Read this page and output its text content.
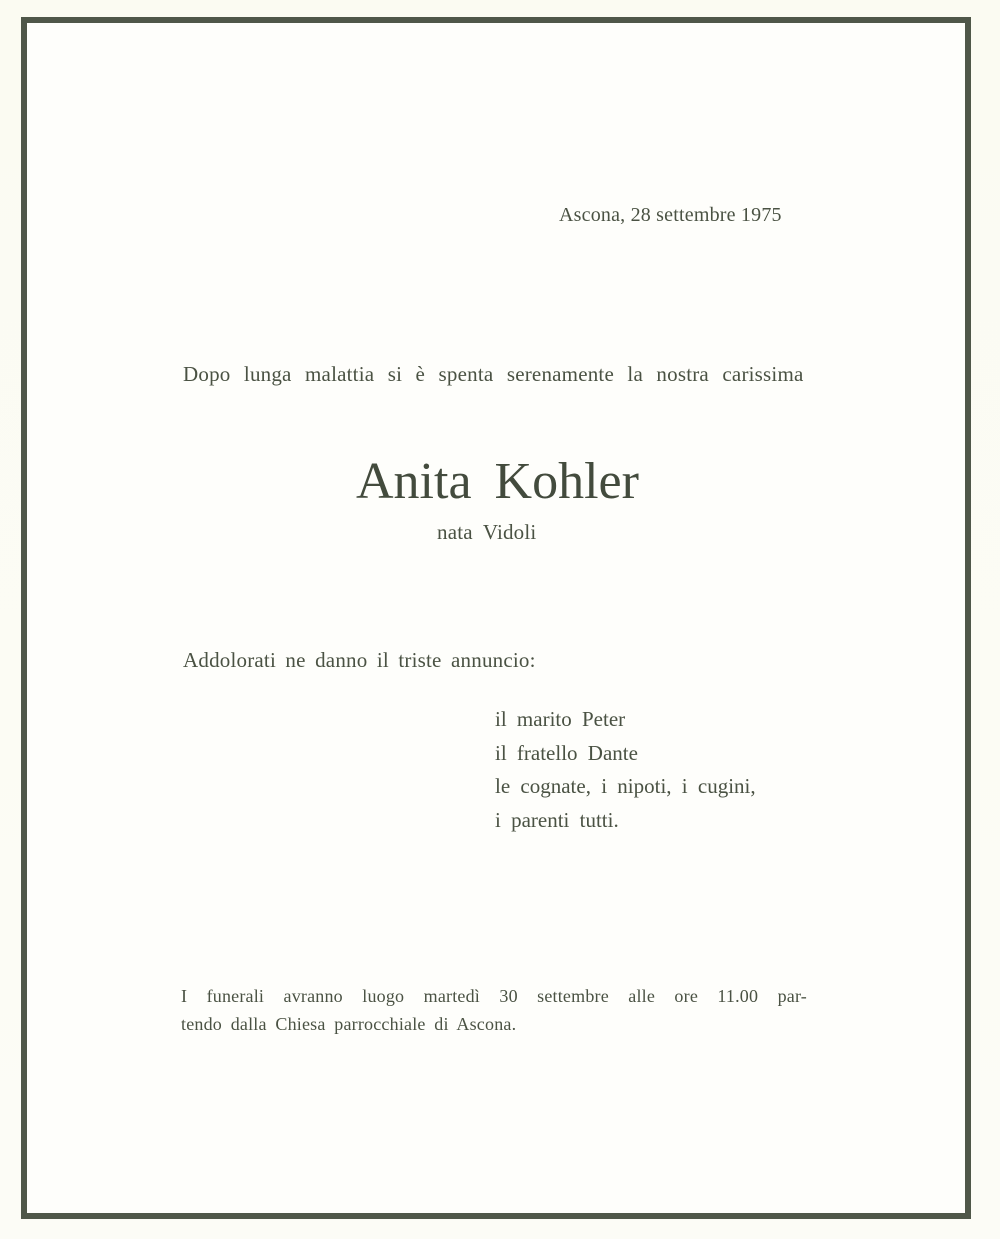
Ascona, 28 settembre 1975
Dopo lunga malattia si è spenta serenamente la nostra carissima
Anita Kohler
nata Vidoli
Addolorati ne danno il triste annuncio:
il marito Peter
il fratello Dante
le cognate, i nipoti, i cugini,
i parenti tutti.
I funerali avranno luogo martedì 30 settembre alle ore 11.00 par-
tendo dalla Chiesa parrocchiale di Ascona.
